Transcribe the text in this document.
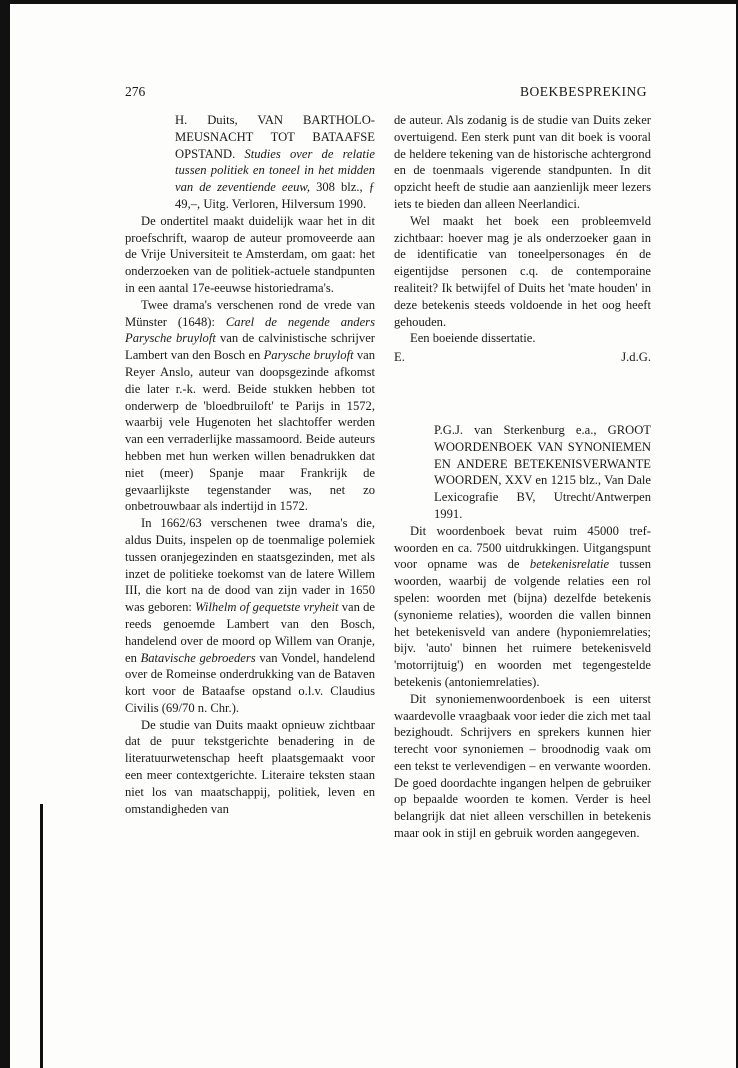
276	BOEKBESPREKING
H. Duits, VAN BARTHOLOMEUSNACHT TOT BATAAFSE OPSTAND. Studies over de relatie tussen politiek en toneel in het midden van de zeventiende eeuw, 308 blz., ƒ 49,–, Uitg. Verloren, Hilversum 1990.

De ondertitel maakt duidelijk waar het in dit proefschrift, waarop de auteur promoveerde aan de Vrije Universiteit te Amsterdam, om gaat: het onderzoeken van de politiek-actuele standpunten in een aantal 17e-eeuwse historiedrama's.

Twee drama's verschenen rond de vrede van Münster (1648): Carel de negende anders Parysche bruyloft van de calvinistische schrijver Lambert van den Bosch en Parysche bruyloft van Reyer Anslo, auteur van doopsgezinde afkomst die later r.-k. werd. Beide stukken hebben tot onderwerp de 'bloedbruiloft' te Parijs in 1572, waarbij vele Hugenoten het slachtoffer werden van een verraderlijke massamoord. Beide auteurs hebben met hun werken willen benadrukken dat niet (meer) Spanje maar Frankrijk de gevaarlijkste tegenstander was, net zo onbetrouwbaar als indertijd in 1572.

In 1662/63 verschenen twee drama's die, aldus Duits, inspelen op de toenmalige polemiek tussen oranjegezinden en staatsgezinden, met als inzet de politieke toekomst van de latere Willem III, die kort na de dood van zijn vader in 1650 was geboren: Wilhelm of gequetste vryheit van de reeds genoemde Lambert van den Bosch, handelend over de moord op Willem van Oranje, en Batavische gebroeders van Vondel, handelend over de Romeinse onderdrukking van de Bataven kort voor de Bataafse opstand o.l.v. Claudius Civilis (69/70 n. Chr.).

De studie van Duits maakt opnieuw zichtbaar dat de puur tekstgerichte benadering in de literatuurwetenschap heeft plaatsgemaakt voor een meer contextgerichte. Literaire teksten staan niet los van maatschappij, politiek, leven en omstandigheden van

de auteur. Als zodanig is de studie van Duits zeker overtuigend. Een sterk punt van dit boek is vooral de heldere tekening van de historische achtergrond en de toenmaals vigerende standpunten. In dit opzicht heeft de studie aan aanzienlijk meer lezers iets te bieden dan alleen Neerlandici.

Wel maakt het boek een probleemveld zichtbaar: hoever mag je als onderzoeker gaan in de identificatie van toneelpersonages én de eigentijdse personen c.q. de contemporaine realiteit? Ik betwijfel of Duits het 'mate houden' in deze betekenis steeds voldoende in het oog heeft gehouden.

Een boeiende dissertatie.

E.	J.d.G.
P.G.J. van Sterkenburg e.a., GROOT WOORDENBOEK VAN SYNONIEMEN EN ANDERE BETEKENISVERWANTE WOORDEN, XXV en 1215 blz., Van Dale Lexicografie BV, Utrecht/Antwerpen 1991.

Dit woordenboek bevat ruim 45000 trefwoorden en ca. 7500 uitdrukkingen. Uitgangspunt voor opname was de betekenisrelatie tussen woorden, waarbij de volgende relaties een rol spelen: woorden met (bijna) dezelfde betekenis (synonieme relaties), woorden die vallen binnen het betekenisveld van andere (hyponiemrelaties; bijv. 'auto' binnen het ruimere betekenisveld 'motorrijtuig') en woorden met tegengestelde betekenis (antoniemrelaties).

Dit synoniemenwoordenboek is een uiterst waardevolle vraagbaak voor ieder die zich met taal bezighoudt. Schrijvers en sprekers kunnen hier terecht voor synoniemen – broodnodig vaak om een tekst te verlevendigen – en verwante woorden. De goed doordachte ingangen helpen de gebruiker op bepaalde woorden te komen. Verder is heel belangrijk dat niet alleen verschillen in betekenis maar ook in stijl en gebruik worden aangegeven.
